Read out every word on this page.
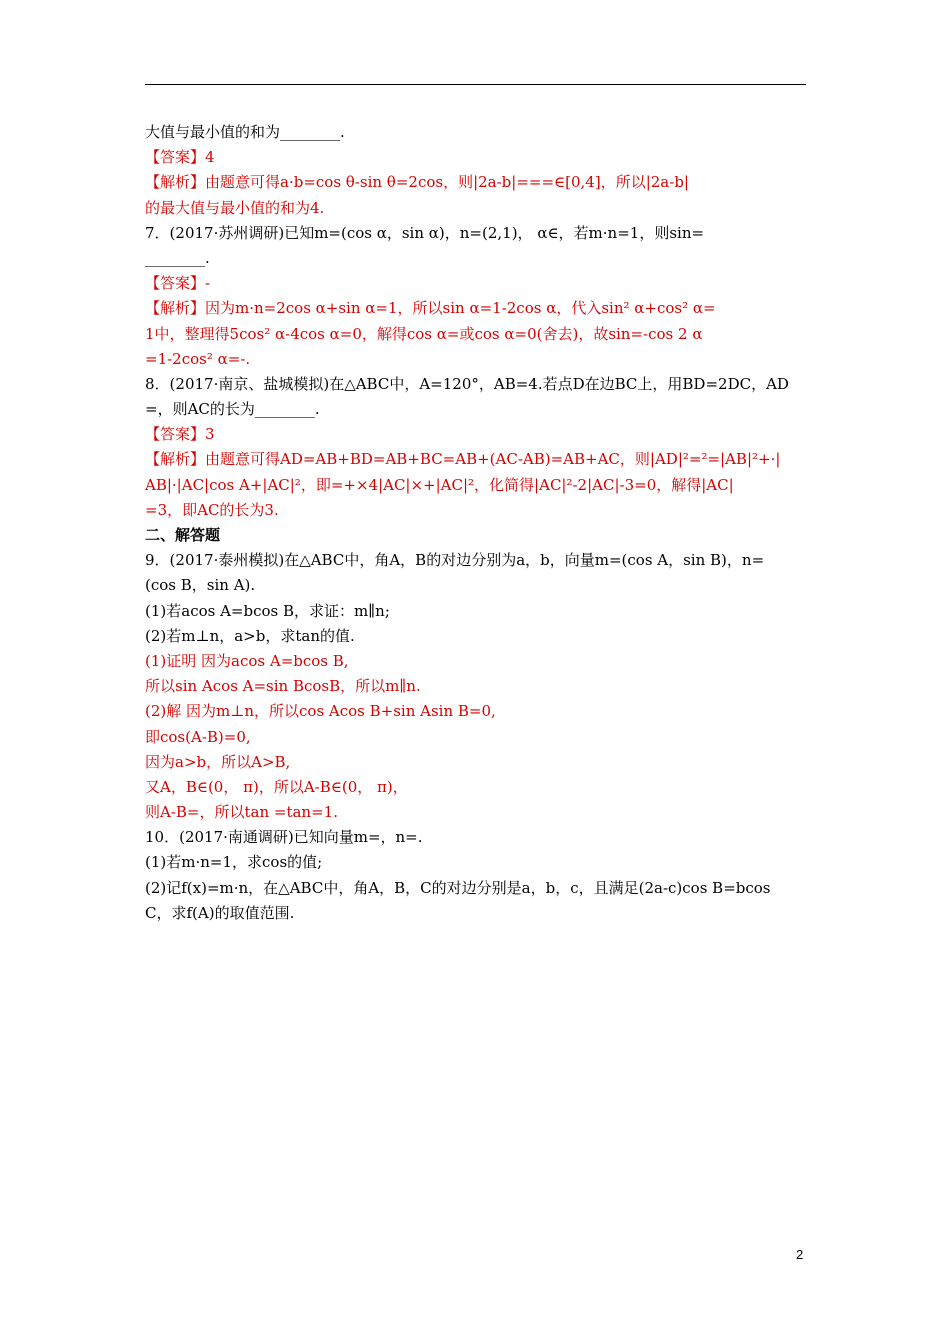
大值与最小值的和为________.
【答案】4
【解析】由题意可得a·b=cos θ-sin θ=2cos，则|2a-b|===∈[0,4]，所以|2a-b|
的最大值与最小值的和为4.
7．(2017·苏州调研)已知m=(cos α，sin α)，n=(2,1)， α∈，若m·n=1，则sin=
________.
【答案】-
【解析】因为m·n=2cos α+sin α=1，所以sin α=1-2cos α，代入sin² α+cos² α=
1中，整理得5cos² α-4cos α=0，解得cos α=或cos α=0(舍去)，故sin=-cos 2 α
=1-2cos² α=-.
8．(2017·南京、盐城模拟)在△ABC中，A=120°，AB=4.若点D在边BC上，用BD=2DC，AD
=，则AC的长为________.
【答案】3
【解析】由题意可得AD=AB+BD=AB+BC=AB+(AC-AB)=AB+AC，则|AD|²=²=|AB|²+·|
AB|·|AC|cos A+|AC|²，即=+×4|AC|×+|AC|²，化简得|AC|²-2|AC|-3=0，解得|AC|
=3，即AC的长为3.
二、解答题
9．(2017·泰州模拟)在△ABC中，角A，B的对边分别为a，b，向量m=(cos A，sin B)，n=
(cos B，sin A).
(1)若acos A=bcos B，求证：m∥n;
(2)若m⊥n，a>b，求tan的值.
(1)证明 因为acos A=bcos B,
所以sin Acos A=sin BcosB，所以m∥n.
(2)解 因为m⊥n，所以cos Acos B+sin Asin B=0,
即cos(A-B)=0,
因为a>b，所以A>B,
又A，B∈(0， π)，所以A-B∈(0， π)，
则A-B=，所以tan =tan=1.
10．(2017·南通调研)已知向量m=，n=.
(1)若m·n=1，求cos的值;
(2)记f(x)=m·n，在△ABC中，角A，B，C的对边分别是a，b，c，且满足(2a-c)cos B=bcos
C，求f(A)的取值范围.
2
